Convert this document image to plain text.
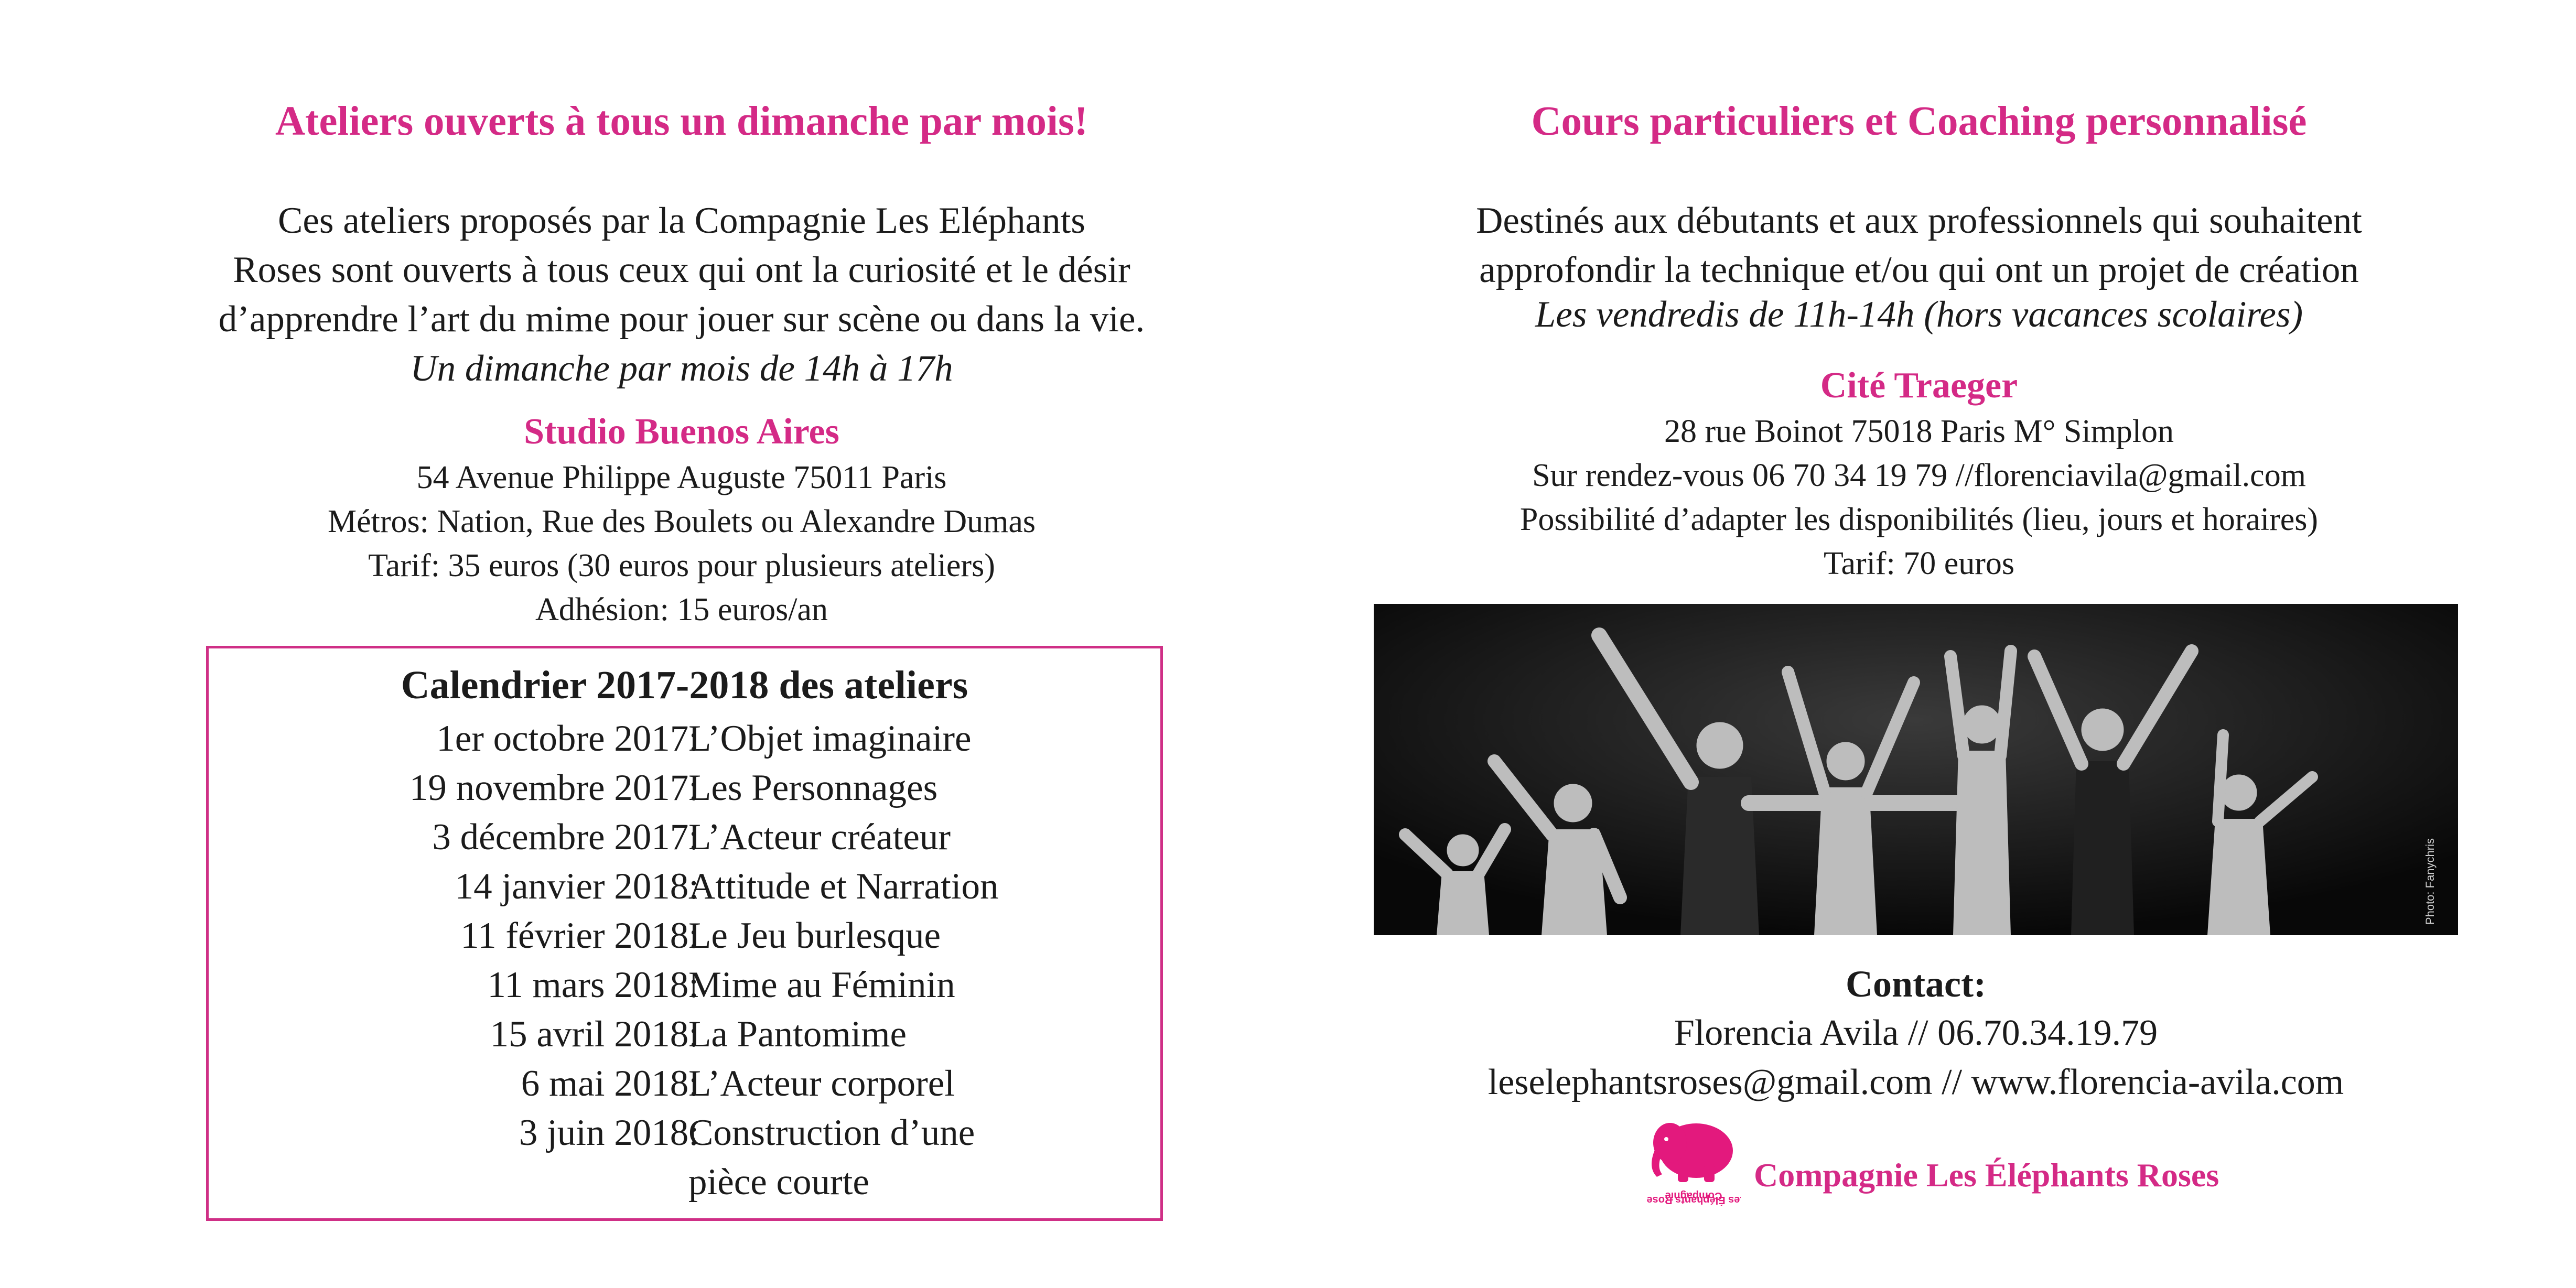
Ateliers ouverts à tous un dimanche par mois!
Ces ateliers proposés par la Compagnie Les Eléphants
Roses sont ouverts à tous ceux qui ont la curiosité et le désir
d’apprendre l’art du mime pour jouer sur scène ou dans la vie.
Un dimanche par mois de 14h à 17h
Studio Buenos Aires
54 Avenue Philippe Auguste 75011 Paris
Métros: Nation, Rue des Boulets ou Alexandre Dumas
Tarif: 35 euros (30 euros pour plusieurs ateliers)
Adhésion: 15 euros/an
Calendrier 2017-2018 des ateliers
1er octobre 2017:
L’Objet imaginaire
19 novembre 2017:
Les Personnages
3 décembre 2017:
L’Acteur créateur
14 janvier 2018:
Attitude et Narration
11 février 2018:
Le Jeu burlesque
11 mars 2018:
Mime au Féminin
15 avril 2018:
La Pantomime
6 mai 2018:
L’Acteur corporel
3 juin 2018:
Construction d’une
pièce courte
Cours particuliers et Coaching personnalisé
Destinés aux débutants et aux professionnels qui souhaitent
approfondir la technique et/ou qui ont un projet de création
Les vendredis de 11h-14h (hors vacances scolaires)
Cité Traeger
28 rue Boinot 75018 Paris M° Simplon
Sur rendez-vous 06 70 34 19 79 //florenciavila@gmail.com
Possibilité d’adapter les disponibilités (lieu, jours et horaires)
Tarif: 70 euros
Photo: Fanychris
Contact:
Florencia Avila // 06.70.34.19.79
leselephantsroses@gmail.com // www.florencia-avila.com
Compagnie	es Éléphants Rose
Compagnie Les Éléphants Roses
